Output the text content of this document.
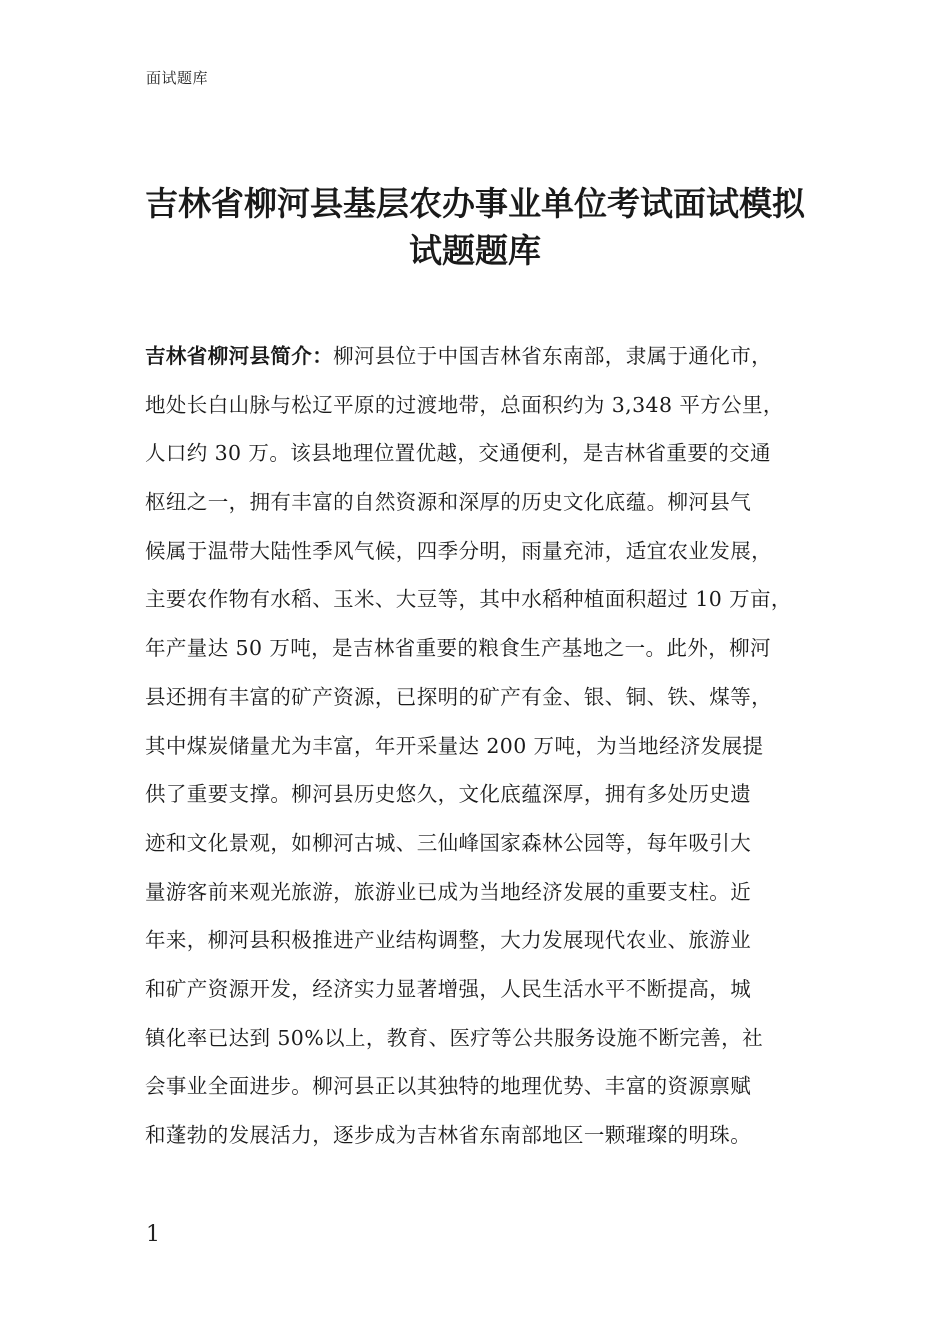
面试题库
吉林省柳河县基层农办事业单位考试面试模拟
试题题库
吉林省柳河县简介：柳河县位于中国吉林省东南部，隶属于通化市，
地处长白山脉与松辽平原的过渡地带，总面积约为 3,348 平方公里，
人口约 30 万。该县地理位置优越，交通便利，是吉林省重要的交通
枢纽之一，拥有丰富的自然资源和深厚的历史文化底蕴。柳河县气
候属于温带大陆性季风气候，四季分明，雨量充沛，适宜农业发展，
主要农作物有水稻、玉米、大豆等，其中水稻种植面积超过 10 万亩，
年产量达 50 万吨，是吉林省重要的粮食生产基地之一。此外，柳河
县还拥有丰富的矿产资源，已探明的矿产有金、银、铜、铁、煤等，
其中煤炭储量尤为丰富，年开采量达 200 万吨，为当地经济发展提
供了重要支撑。柳河县历史悠久，文化底蕴深厚，拥有多处历史遗
迹和文化景观，如柳河古城、三仙峰国家森林公园等，每年吸引大
量游客前来观光旅游，旅游业已成为当地经济发展的重要支柱。近
年来，柳河县积极推进产业结构调整，大力发展现代农业、旅游业
和矿产资源开发，经济实力显著增强，人民生活水平不断提高，城
镇化率已达到 50%以上，教育、医疗等公共服务设施不断完善，社
会事业全面进步。柳河县正以其独特的地理优势、丰富的资源禀赋
和蓬勃的发展活力，逐步成为吉林省东南部地区一颗璀璨的明珠。
1
